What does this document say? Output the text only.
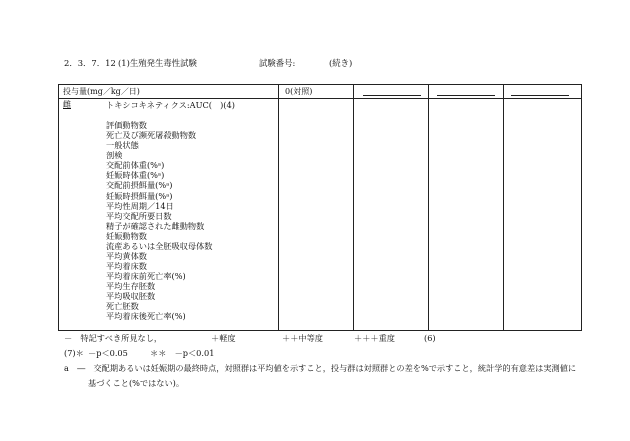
2．3．7．12 (1)生殖発生毒性試験	試験番号:	(続き)
投与量(mg／kg／日)	0(対照)
雌	トキシコキネティクス:AUC(　)(4)
評価動物数
死亡及び瀕死屠殺動物数
一般状態
剖検
交配前体重(%ᵃ)
妊娠時体重(%ᵃ)
交配前摂餌量(%ᵃ)
妊娠時摂餌量(%ᵃ)
平均性周期／14日
平均交配所要日数
精子が確認された雌動物数
妊娠動物数
流産あるいは全胚吸収母体数
平均黄体数
平均着床数
平均着床前死亡率(%)
平均生存胚数
平均吸収胚数
死亡胚数
平均着床後死亡率(%)
－　特記すべき所見なし，	＋軽度	＋＋中等度	＋＋＋重度	(6)
(7)＊ －p＜0.05	＊＊　－p＜0.01
a　―　交配期あるいは妊娠期の最終時点，対照群は平均値を示すこと，投与群は対照群との差を%で示すこと，統計学的有意差は実測値に
基づくこと(%ではない)。
